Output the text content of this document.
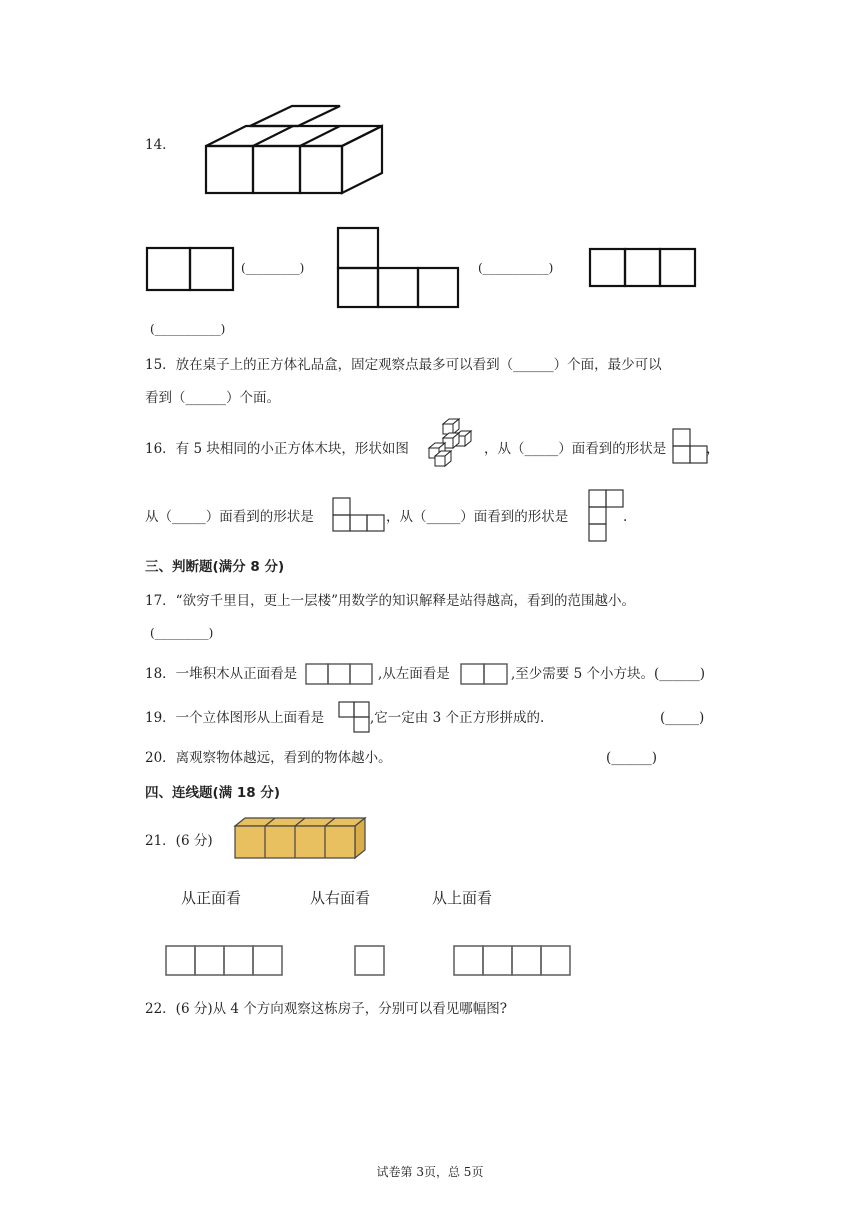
14.
(_________)	(___________)
(___________)
15．放在桌子上的正方体礼品盒，固定观察点最多可以看到（______）个面，最少可以
看到（______）个面。
16．有 5 块相同的小正方体木块，形状如图	，从（_____）面看到的形状是	，
从（_____）面看到的形状是	，从（_____）面看到的形状是	.
三、判断题(满分 8 分)
17．“欲穷千里目，更上一层楼”用数学的知识解释是站得越高，看到的范围越小。
(_________)
18．一堆积木从正面看是	,从左面看是	,至少需要 5 个小方块。(______)
19．一个立体图形从上面看是	,它一定由 3 个正方形拼成的.	(_____)
20．离观察物体越远，看到的物体越小。	(______)
四、连线题(满 18 分)
21．(6 分)
从正面看	从右面看	从上面看
22．(6 分)从 4 个方向观察这栋房子，分别可以看见哪幅图?
试卷第 3页，总 5页
